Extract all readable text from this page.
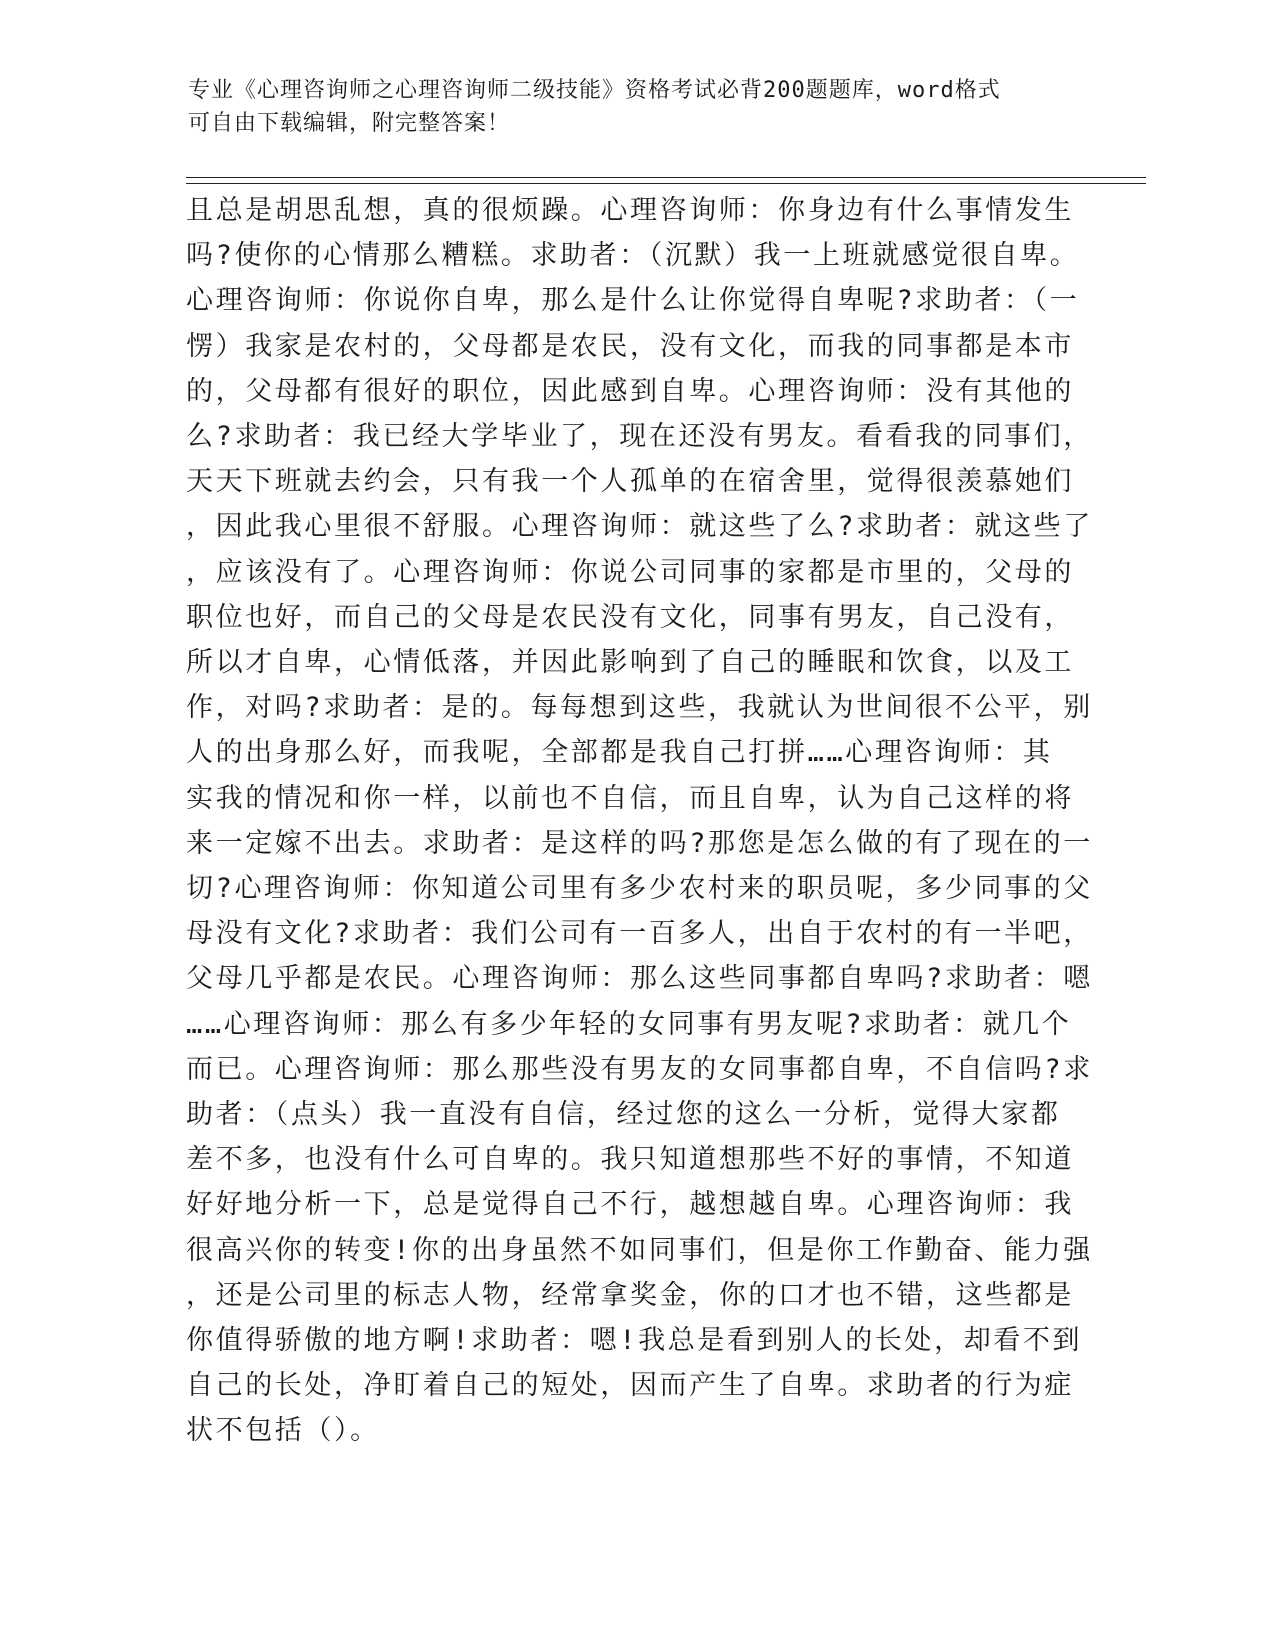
专业《心理咨询师之心理咨询师二级技能》资格考试必背200题题库，word格式
可自由下载编辑，附完整答案！
且总是胡思乱想，真的很烦躁。心理咨询师：你身边有什么事情发生
吗?使你的心情那么糟糕。求助者：（沉默）我一上班就感觉很自卑。
心理咨询师：你说你自卑，那么是什么让你觉得自卑呢?求助者：（一
愣）我家是农村的，父母都是农民，没有文化，而我的同事都是本市
的，父母都有很好的职位，因此感到自卑。心理咨询师：没有其他的
么?求助者：我已经大学毕业了，现在还没有男友。看看我的同事们，
天天下班就去约会，只有我一个人孤单的在宿舍里，觉得很羡慕她们
，因此我心里很不舒服。心理咨询师：就这些了么?求助者：就这些了
，应该没有了。心理咨询师：你说公司同事的家都是市里的，父母的
职位也好，而自己的父母是农民没有文化，同事有男友，自己没有，
所以才自卑，心情低落，并因此影响到了自己的睡眠和饮食，以及工
作，对吗?求助者：是的。每每想到这些，我就认为世间很不公平，别
人的出身那么好，而我呢，全部都是我自己打拼……心理咨询师：其
实我的情况和你一样，以前也不自信，而且自卑，认为自己这样的将
来一定嫁不出去。求助者：是这样的吗?那您是怎么做的有了现在的一
切?心理咨询师：你知道公司里有多少农村来的职员呢，多少同事的父
母没有文化?求助者：我们公司有一百多人，出自于农村的有一半吧，
父母几乎都是农民。心理咨询师：那么这些同事都自卑吗?求助者：嗯
……心理咨询师：那么有多少年轻的女同事有男友呢?求助者：就几个
而已。心理咨询师：那么那些没有男友的女同事都自卑，不自信吗?求
助者：（点头）我一直没有自信，经过您的这么一分析，觉得大家都
差不多，也没有什么可自卑的。我只知道想那些不好的事情，不知道
好好地分析一下，总是觉得自己不行，越想越自卑。心理咨询师：我
很高兴你的转变!你的出身虽然不如同事们，但是你工作勤奋、能力强
，还是公司里的标志人物，经常拿奖金，你的口才也不错，这些都是
你值得骄傲的地方啊!求助者：嗯!我总是看到别人的长处，却看不到
自己的长处，净盯着自己的短处，因而产生了自卑。求助者的行为症
状不包括（）。
